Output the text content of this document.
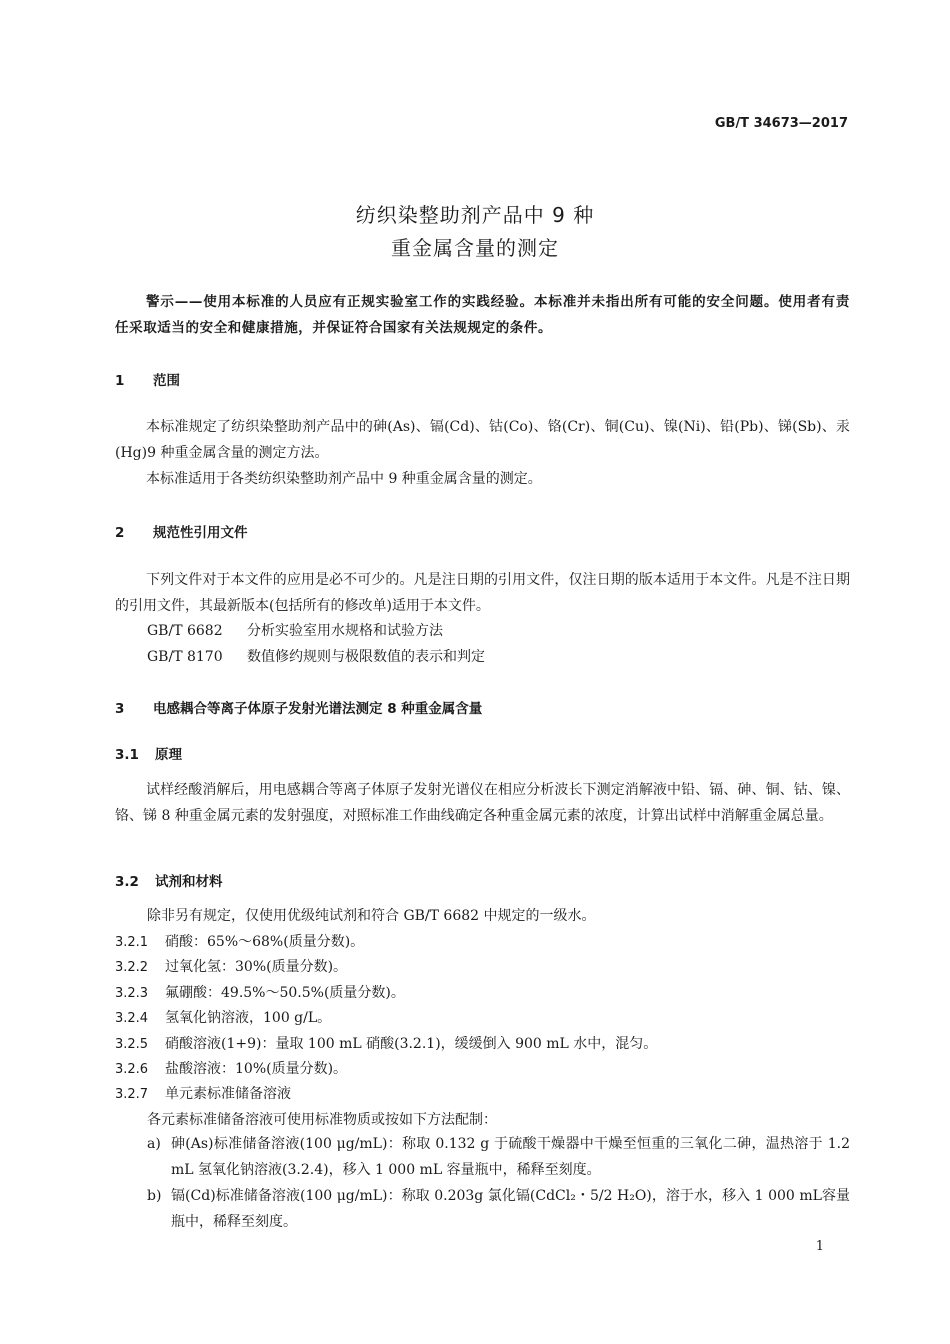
GB/T 34673—2017
纺织染整助剂产品中 9 种
重金属含量的测定
警示——使用本标准的人员应有正规实验室工作的实践经验。本标准并未指出所有可能的安全问题。使用者有责任采取适当的安全和健康措施，并保证符合国家有关法规规定的条件。
1 范围
本标准规定了纺织染整助剂产品中的砷(As)、镉(Cd)、钴(Co)、铬(Cr)、铜(Cu)、镍(Ni)、铅(Pb)、锑(Sb)、汞(Hg)9 种重金属含量的测定方法。
本标准适用于各类纺织染整助剂产品中 9 种重金属含量的测定。
2 规范性引用文件
下列文件对于本文件的应用是必不可少的。凡是注日期的引用文件，仅注日期的版本适用于本文件。凡是不注日期的引用文件，其最新版本(包括所有的修改单)适用于本文件。
GB/T 6682 分析实验室用水规格和试验方法
GB/T 8170 数值修约规则与极限数值的表示和判定
3 电感耦合等离子体原子发射光谱法测定 8 种重金属含量
3.1 原理
试样经酸消解后，用电感耦合等离子体原子发射光谱仪在相应分析波长下测定消解液中铅、镉、砷、铜、钴、镍、铬、锑 8 种重金属元素的发射强度，对照标准工作曲线确定各种重金属元素的浓度，计算出试样中消解重金属总量。
3.2 试剂和材料
除非另有规定，仅使用优级纯试剂和符合 GB/T 6682 中规定的一级水。
3.2.1 硝酸：65%～68%(质量分数)。
3.2.2 过氧化氢：30%(质量分数)。
3.2.3 氟硼酸：49.5%～50.5%(质量分数)。
3.2.4 氢氧化钠溶液，100 g/L。
3.2.5 硝酸溶液(1+9)：量取 100 mL 硝酸(3.2.1)，缓缓倒入 900 mL 水中，混匀。
3.2.6 盐酸溶液：10%(质量分数)。
3.2.7 单元素标准储备溶液
各元素标准储备溶液可使用标准物质或按如下方法配制：
a) 砷(As)标准储备溶液(100 μg/mL)：称取 0.132 g 于硫酸干燥器中干燥至恒重的三氧化二砷，温热溶于 1.2 mL 氢氧化钠溶液(3.2.4)，移入 1 000 mL 容量瓶中，稀释至刻度。
b) 镉(Cd)标准储备溶液(100 μg/mL)：称取 0.203g 氯化镉(CdCl₂・5/2 H₂O)，溶于水，移入 1 000 mL容量瓶中，稀释至刻度。
1
